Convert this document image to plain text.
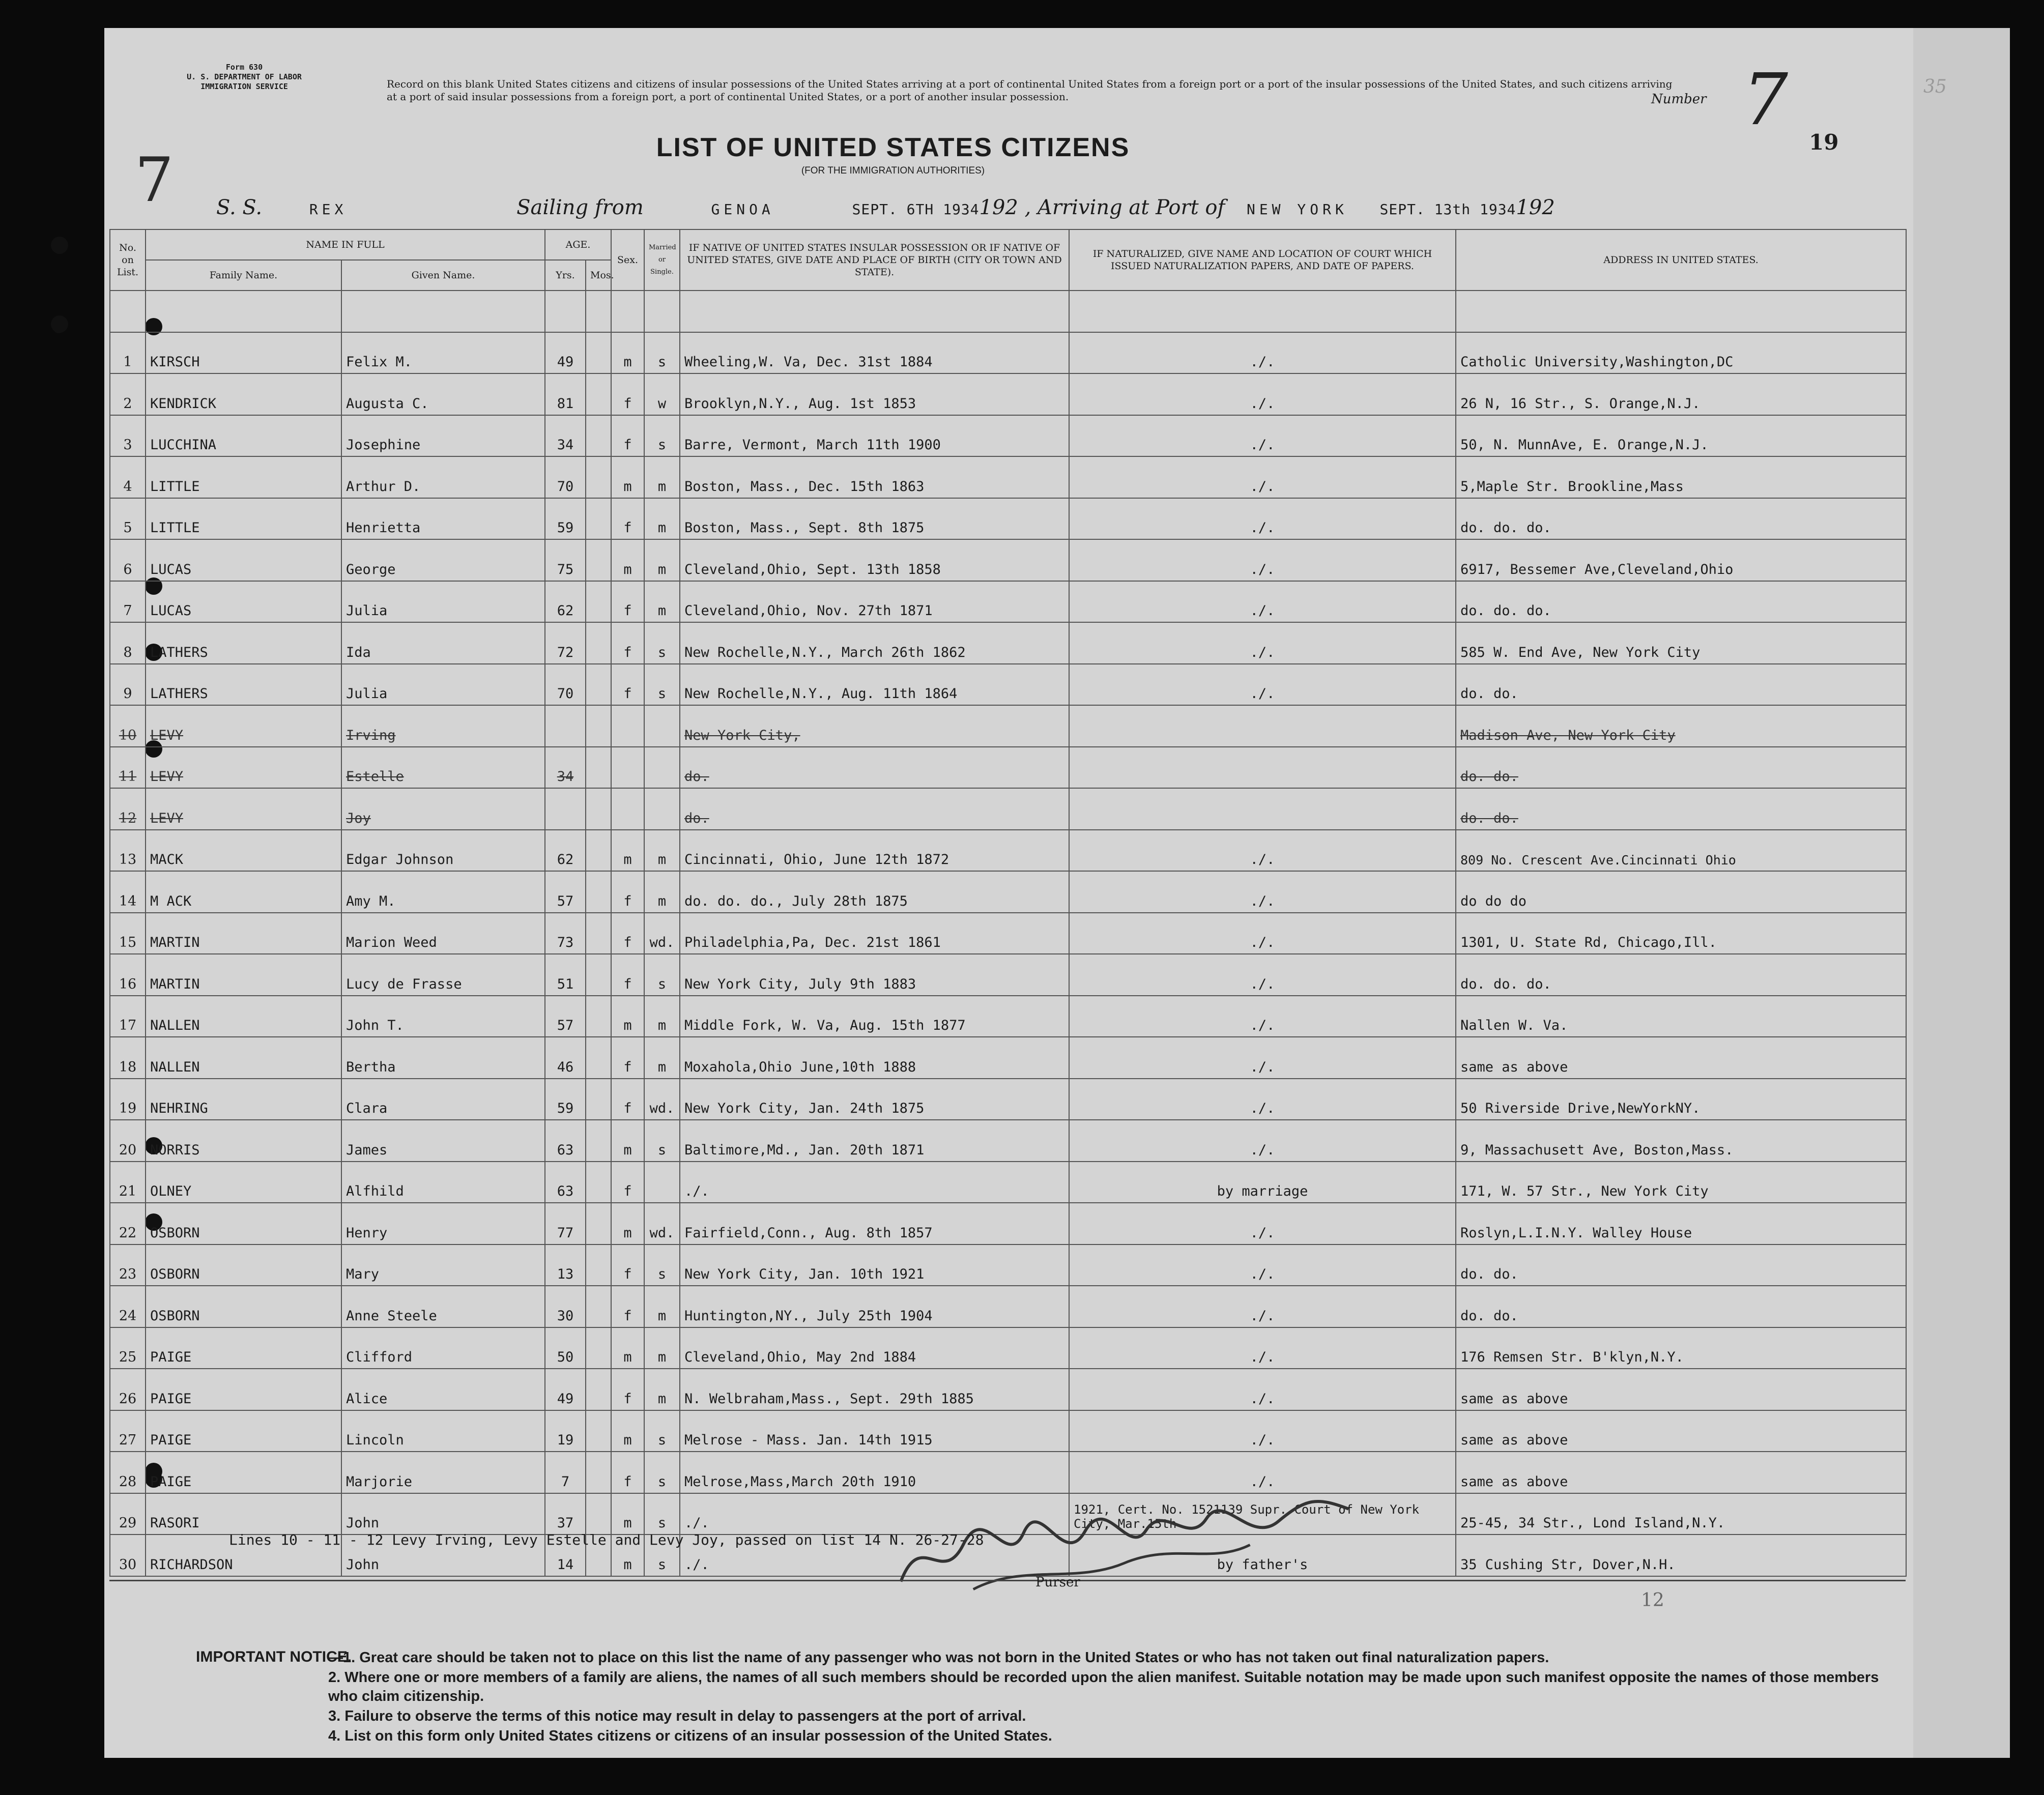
Form 630
U. S. DEPARTMENT OF LABOR
IMMIGRATION SERVICE	Record on this blank United States citizens and citizens of insular possessions of the United States arriving at a port of continental United States from a foreign port or a port of the insular possessions of the United States, and such citizens arriving at a port of said insular possessions from a foreign port, a port of continental United States, or a port of another insular possession.	Number 7
19
7	LIST OF UNITED STATES CITIZENS
(FOR THE IMMIGRATION AUTHORITIES)
S. S.	REX	Sailing from	GENOA	SEPT. 6TH 1934192 , Arriving at Port of NEW YORK SEPT. 13th 1934192
No. on List.	NAME IN FULL		AGE.		Sex.	Married or Single.	IF NATIVE OF UNITED STATES INSULAR POSSESSION OR IF NATIVE OF UNITED STATES, GIVE DATE AND PLACE OF BIRTH (CITY OR TOWN AND STATE).	IF NATURALIZED, GIVE NAME AND LOCATION OF COURT WHICH ISSUED NATURALIZATION PAPERS, AND DATE OF PAPERS.	ADDRESS IN UNITED STATES.
	Family Name.	Given Name.	Yrs.	Mos.					

1	KIRSCH	Felix M.	49		m	s	Wheeling,W. Va, Dec. 31st 1884	./.	Catholic University,Washington,DC
2	KENDRICK	Augusta C.	81		f	w	Brooklyn,N.Y., Aug. 1st 1853	./.	26 N, 16 Str., S. Orange,N.J.
3	LUCCHINA	Josephine	34		f	s	Barre, Vermont, March 11th 1900	./.	50, N. MunnAve, E. Orange,N.J.
4	LITTLE	Arthur D.	70		m	m	Boston, Mass., Dec. 15th 1863	./.	5,Maple Str. Brookline,Mass
5	LITTLE	Henrietta	59		f	m	Boston, Mass., Sept. 8th 1875	./.	do. do. do.
6	LUCAS	George	75		m	m	Cleveland,Ohio, Sept. 13th 1858	./.	6917, Bessemer Ave,Cleveland,Ohio
7	LUCAS	Julia	62		f	m	Cleveland,Ohio, Nov. 27th 1871	./.	do. do. do.
8	LATHERS	Ida	72		f	s	New Rochelle,N.Y., March 26th 1862	./.	585 W. End Ave, New York City
9	LATHERS	Julia	70		f	s	New Rochelle,N.Y., Aug. 11th 1864	./.	do. do.
10	LEVY	Irving					New York City,		Madison Ave, New York City
11	LEVY	Estelle	34				do.		do. do.
12	LEVY	Joy					do.		do. do.
13	MACK	Edgar Johnson	62		m	m	Cincinnati, Ohio, June 12th 1872	./.	809 No. Crescent Ave.Cincinnati Ohio
14	M ACK	Amy M.	57		f	m	do. do. do., July 28th 1875	./.	do do do
15	MARTIN	Marion Weed	73		f	wd.	Philadelphia,Pa, Dec. 21st 1861	./.	1301, U. State Rd, Chicago,Ill.
16	MARTIN	Lucy de Frasse	51		f	s	New York City, July 9th 1883	./.	do. do. do.
17	NALLEN	John T.	57		m	m	Middle Fork, W. Va, Aug. 15th 1877	./.	Nallen W. Va.
18	NALLEN	Bertha	46		f	m	Moxahola,Ohio June,10th 1888	./.	same as above
19	NEHRING	Clara	59		f	wd.	New York City, Jan. 24th 1875	./.	50 Riverside Drive,NewYorkNY.
20	NORRIS	James	63		m	s	Baltimore,Md., Jan. 20th 1871	./.	9, Massachusett Ave, Boston,Mass.
21	OLNEY	Alfhild	63		f		./.	by marriage	171, W. 57 Str., New York City
22	OSBORN	Henry	77		m	wd.	Fairfield,Conn., Aug. 8th 1857	./.	Roslyn,L.I.N.Y. Walley House
23	OSBORN	Mary	13		f	s	New York City, Jan. 10th 1921	./.	do. do.
24	OSBORN	Anne Steele	30		f	m	Huntington,NY., July 25th 1904	./.	do. do.
25	PAIGE	Clifford	50		m	m	Cleveland,Ohio, May 2nd 1884	./.	176 Remsen Str. B'klyn,N.Y.
26	PAIGE	Alice	49		f	m	N. Welbraham,Mass., Sept. 29th 1885	./.	same as above
27	PAIGE	Lincoln	19		m	s	Melrose - Mass. Jan. 14th 1915	./.	same as above
28	PAIGE	Marjorie	7		f	s	Melrose,Mass,March 20th 1910	./.	same as above
29	RASORI	John	37		m	s	./.	1921, Cert. No. 1521139 Supr. Court of New York City, Mar.15th	25-45, 34 Str., Lond Island,N.Y.
30	RICHARDSON	John	14		m	s	./.	by father's	35 Cushing Str, Dover,N.H.
Lines 10 - 11 - 12 Levy Irving, Levy Estelle and Levy Joy, passed on list 14 N. 26-27-28
Purser
12
IMPORTANT NOTICE.
—1. Great care should be taken not to place on this list the name of any passenger who was not born in the United States or who has not taken out final naturalization papers.
2. Where one or more members of a family are aliens, the names of all such members should be recorded upon the alien manifest. Suitable notation may be made upon such manifest opposite the names of those members who claim citizenship.
3. Failure to observe the terms of this notice may result in delay to passengers at the port of arrival.
4. List on this form only United States citizens or citizens of an insular possession of the United States.
35
